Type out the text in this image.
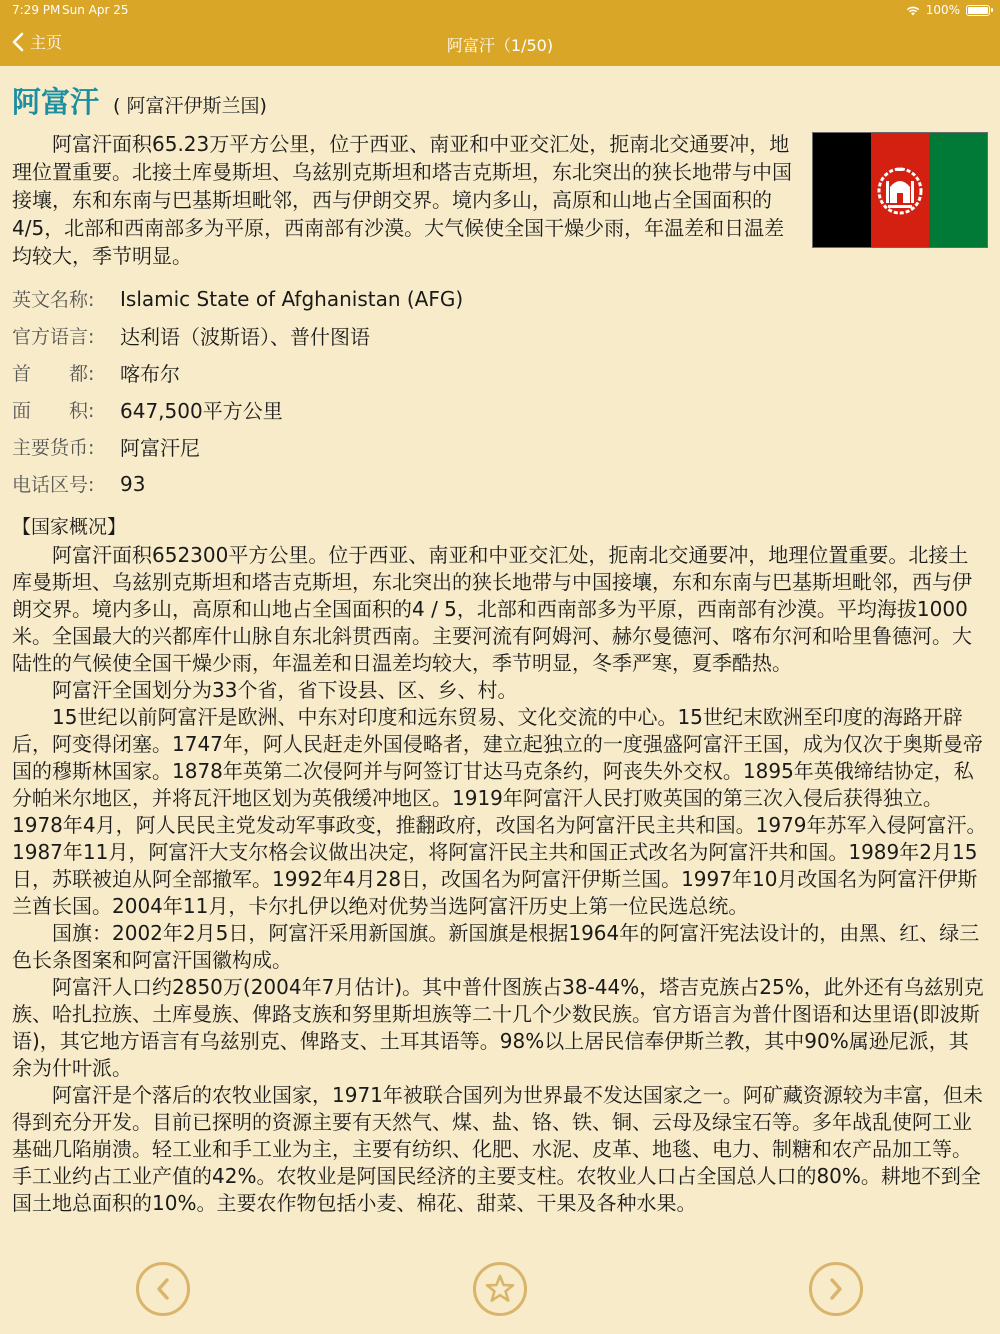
7:29 PM Sun Apr 25	100%
主页	阿富汗（1/50)
阿富汗 ( 阿富汗伊斯兰国)

阿富汗面积65.23万平方公里，位于西亚、南亚和中亚交汇处，扼南北交通要冲，地理位置重要。北接土库曼斯坦、乌兹别克斯坦和塔吉克斯坦，东北突出的狭长地带与中国接壤，东和东南与巴基斯坦毗邻，西与伊朗交界。境内多山，高原和山地占全国面积的4/5，北部和西南部多为平原，西南部有沙漠。大气候使全国干燥少雨，年温差和日温差均较大，季节明显。

英文名称:	Islamic State of Afghanistan (AFG)
官方语言:	达利语（波斯语）、普什图语
首　　都:	喀布尔
面　　积:	647,500平方公里
主要货币:	阿富汗尼
电话区号:	93
【国家概况】

阿富汗面积652300平方公里。位于西亚、南亚和中亚交汇处，扼南北交通要冲，地理位置重要。北接土库曼斯坦、乌兹别克斯坦和塔吉克斯坦，东北突出的狭长地带与中国接壤，东和东南与巴基斯坦毗邻，西与伊朗交界。境内多山，高原和山地占全国面积的4 / 5，北部和西南部多为平原，西南部有沙漠。平均海拔1000米。全国最大的兴都库什山脉自东北斜贯西南。主要河流有阿姆河、赫尔曼德河、喀布尔河和哈里鲁德河。大陆性的气候使全国干燥少雨，年温差和日温差均较大，季节明显，冬季严寒，夏季酷热。

阿富汗全国划分为33个省，省下设县、区、乡、村。

15世纪以前阿富汗是欧洲、中东对印度和远东贸易、文化交流的中心。15世纪末欧洲至印度的海路开辟后，阿变得闭塞。1747年，阿人民赶走外国侵略者，建立起独立的一度强盛阿富汗王国，成为仅次于奥斯曼帝国的穆斯林国家。1878年英第二次侵阿并与阿签订甘达马克条约，阿丧失外交权。1895年英俄缔结协定，私分帕米尔地区，并将瓦汗地区划为英俄缓冲地区。1919年阿富汗人民打败英国的第三次入侵后获得独立。1978年4月，阿人民民主党发动军事政变，推翻政府，改国名为阿富汗民主共和国。1979年苏军入侵阿富汗。1987年11月，阿富汗大支尔格会议做出决定，将阿富汗民主共和国正式改名为阿富汗共和国。1989年2月15日，苏联被迫从阿全部撤军。1992年4月28日，改国名为阿富汗伊斯兰国。1997年10月改国名为阿富汗伊斯兰酋长国。2004年11月，卡尔扎伊以绝对优势当选阿富汗历史上第一位民选总统。

国旗：2002年2月5日，阿富汗采用新国旗。新国旗是根据1964年的阿富汗宪法设计的，由黑、红、绿三色长条图案和阿富汗国徽构成。

阿富汗人口约2850万(2004年7月估计)。其中普什图族占38-44%，塔吉克族占25%，此外还有乌兹别克族、哈扎拉族、土库曼族、俾路支族和努里斯坦族等二十几个少数民族。官方语言为普什图语和达里语(即波斯语)，其它地方语言有乌兹别克、俾路支、土耳其语等。98%以上居民信奉伊斯兰教，其中90%属逊尼派，其余为什叶派。

阿富汗是个落后的农牧业国家，1971年被联合国列为世界最不发达国家之一。阿矿藏资源较为丰富，但未得到充分开发。目前已探明的资源主要有天然气、煤、盐、铬、铁、铜、云母及绿宝石等。多年战乱使阿工业基础几陷崩溃。轻工业和手工业为主，主要有纺织、化肥、水泥、皮革、地毯、电力、制糖和农产品加工等。手工业约占工业产值的42%。农牧业是阿国民经济的主要支柱。农牧业人口占全国总人口的80%。耕地不到全国土地总面积的10%。主要农作物包括小麦、棉花、甜菜、干果及各种水果。
